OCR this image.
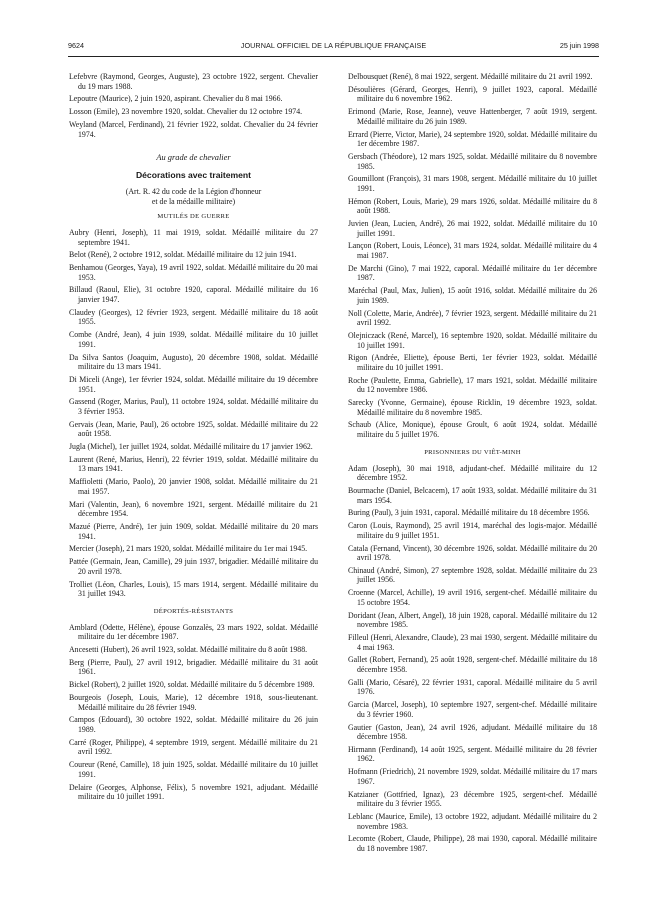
9624	JOURNAL OFFICIEL DE LA RÉPUBLIQUE FRANÇAISE	25 juin 1998

Lefebvre (Raymond, Georges, Auguste), 23 octobre 1922, sergent. Chevalier du 19 mars 1988.

Lepoutre (Maurice), 2 juin 1920, aspirant. Chevalier du 8 mai 1966.

Losson (Emile), 23 novembre 1920, soldat. Chevalier du 12 octobre 1974.

Weyland (Marcel, Ferdinand), 21 février 1922, soldat. Chevalier du 24 février 1974.

Au grade de chevalier
Décorations avec traitement
(Art. R. 42 du code de la Légion d'honneur
et de la médaille militaire)
MUTILÉS DE GUERRE

Aubry (Henri, Joseph), 11 mai 1919, soldat. Médaillé militaire du 27 septembre 1941.

Belot (René), 2 octobre 1912, soldat. Médaillé militaire du 12 juin 1941.

Benhamou (Georges, Yaya), 19 avril 1922, soldat. Médaillé militaire du 20 mai 1953.

Billaud (Raoul, Elie), 31 octobre 1920, caporal. Médaillé militaire du 16 janvier 1947.

Claudey (Georges), 12 février 1923, sergent. Médaillé militaire du 18 août 1955.

Combe (André, Jean), 4 juin 1939, soldat. Médaillé militaire du 10 juillet 1991.

Da Silva Santos (Joaquim, Augusto), 20 décembre 1908, soldat. Médaillé militaire du 13 mars 1941.

Di Miceli (Ange), 1er février 1924, soldat. Médaillé militaire du 19 décembre 1951.

Gassend (Roger, Marius, Paul), 11 octobre 1924, soldat. Médaillé militaire du 3 février 1953.

Gervais (Jean, Marie, Paul), 26 octobre 1925, soldat. Médaillé militaire du 22 août 1958.

Jugla (Michel), 1er juillet 1924, soldat. Médaillé militaire du 17 janvier 1962.

Laurent (René, Marius, Henri), 22 février 1919, soldat. Médaillé militaire du 13 mars 1941.

Maffioletti (Mario, Paolo), 20 janvier 1908, soldat. Médaillé militaire du 21 mai 1957.

Mari (Valentin, Jean), 6 novembre 1921, sergent. Médaillé militaire du 21 décembre 1954.

Mazué (Pierre, André), 1er juin 1909, soldat. Médaillé militaire du 20 mars 1941.

Mercier (Joseph), 21 mars 1920, soldat. Médaillé militaire du 1er mai 1945.

Pattée (Germain, Jean, Camille), 29 juin 1937, brigadier. Médaillé militaire du 20 avril 1978.

Trolliet (Léon, Charles, Louis), 15 mars 1914, sergent. Médaillé militaire du 31 juillet 1943.

DÉPORTÉS-RÉSISTANTS

Amblard (Odette, Hélène), épouse Gonzalès, 23 mars 1922, soldat. Médaillé militaire du 1er décembre 1987.

Ancesetti (Hubert), 26 avril 1923, soldat. Médaillé militaire du 8 août 1988.

Berg (Pierre, Paul), 27 avril 1912, brigadier. Médaillé militaire du 31 août 1961.

Bickel (Robert), 2 juillet 1920, soldat. Médaillé militaire du 5 décembre 1989.

Bourgeois (Joseph, Louis, Marie), 12 décembre 1918, sous-lieutenant. Médaillé militaire du 28 février 1949.

Campos (Edouard), 30 octobre 1922, soldat. Médaillé militaire du 26 juin 1989.

Carré (Roger, Philippe), 4 septembre 1919, sergent. Médaillé militaire du 21 avril 1992.

Coureur (René, Camille), 18 juin 1925, soldat. Médaillé militaire du 10 juillet 1991.

Delaire (Georges, Alphonse, Félix), 5 novembre 1921, adjudant. Médaillé militaire du 10 juillet 1991.

Delbousquet (René), 8 mai 1922, sergent. Médaillé militaire du 21 avril 1992.

Désoulières (Gérard, Georges, Henri), 9 juillet 1923, caporal. Médaillé militaire du 6 novembre 1962.

Erimond (Marie, Rose, Jeanne), veuve Hattenberger, 7 août 1919, sergent. Médaillé militaire du 26 juin 1989.

Errard (Pierre, Victor, Marie), 24 septembre 1920, soldat. Médaillé militaire du 1er décembre 1987.

Gersbach (Théodore), 12 mars 1925, soldat. Médaillé militaire du 8 novembre 1985.

Goumillont (François), 31 mars 1908, sergent. Médaillé militaire du 10 juillet 1991.

Hémon (Robert, Louis, Marie), 29 mars 1926, soldat. Médaillé militaire du 8 août 1988.

Juvien (Jean, Lucien, André), 26 mai 1922, soldat. Médaillé militaire du 10 juillet 1991.

Lançon (Robert, Louis, Léonce), 31 mars 1924, soldat. Médaillé militaire du 4 mai 1987.

De Marchi (Gino), 7 mai 1922, caporal. Médaillé militaire du 1er décembre 1987.

Maréchal (Paul, Max, Julien), 15 août 1916, soldat. Médaillé militaire du 26 juin 1989.

Noll (Colette, Marie, Andrée), 7 février 1923, sergent. Médaillé militaire du 21 avril 1992.

Olejniczack (René, Marcel), 16 septembre 1920, soldat. Médaillé militaire du 10 juillet 1991.

Rigon (Andrée, Eliette), épouse Berti, 1er février 1923, soldat. Médaillé militaire du 10 juillet 1991.

Roche (Paulette, Emma, Gabrielle), 17 mars 1921, soldat. Médaillé militaire du 12 novembre 1986.

Sarecky (Yvonne, Germaine), épouse Ricklin, 19 décembre 1923, soldat. Médaillé militaire du 8 novembre 1985.

Schaub (Alice, Monique), épouse Groult, 6 août 1924, soldat. Médaillé militaire du 5 juillet 1976.

PRISONNIERS DU VIÊT-MINH

Adam (Joseph), 30 mai 1918, adjudant-chef. Médaillé militaire du 12 décembre 1952.

Bourmache (Daniel, Belcacem), 17 août 1933, soldat. Médaillé militaire du 31 mars 1954.

Buring (Paul), 3 juin 1931, caporal. Médaillé militaire du 18 décembre 1956.

Caron (Louis, Raymond), 25 avril 1914, maréchal des logis-major. Médaillé militaire du 9 juillet 1951.

Catala (Fernand, Vincent), 30 décembre 1926, soldat. Médaillé militaire du 20 avril 1978.

Chinaud (André, Simon), 27 septembre 1928, soldat. Médaillé militaire du 23 juillet 1956.

Croenne (Marcel, Achille), 19 avril 1916, sergent-chef. Médaillé militaire du 15 octobre 1954.

Doridant (Jean, Albert, Angel), 18 juin 1928, caporal. Médaillé militaire du 12 novembre 1985.

Filleul (Henri, Alexandre, Claude), 23 mai 1930, sergent. Médaillé militaire du 4 mai 1963.

Gallet (Robert, Fernand), 25 août 1928, sergent-chef. Médaillé militaire du 18 décembre 1958.

Galli (Mario, Césaré), 22 février 1931, caporal. Médaillé militaire du 5 avril 1976.

Garcia (Marcel, Joseph), 10 septembre 1927, sergent-chef. Médaillé militaire du 3 février 1960.

Gautier (Gaston, Jean), 24 avril 1926, adjudant. Médaillé militaire du 18 décembre 1958.

Hirmann (Ferdinand), 14 août 1925, sergent. Médaillé militaire du 28 février 1962.

Hofmann (Friedrich), 21 novembre 1929, soldat. Médaillé militaire du 17 mars 1967.

Katzianer (Gottfried, Ignaz), 23 décembre 1925, sergent-chef. Médaillé militaire du 3 février 1955.

Leblanc (Maurice, Emile), 13 octobre 1922, adjudant. Médaillé militaire du 2 novembre 1983.

Lecomte (Robert, Claude, Philippe), 28 mai 1930, caporal. Médaillé militaire du 18 novembre 1987.
